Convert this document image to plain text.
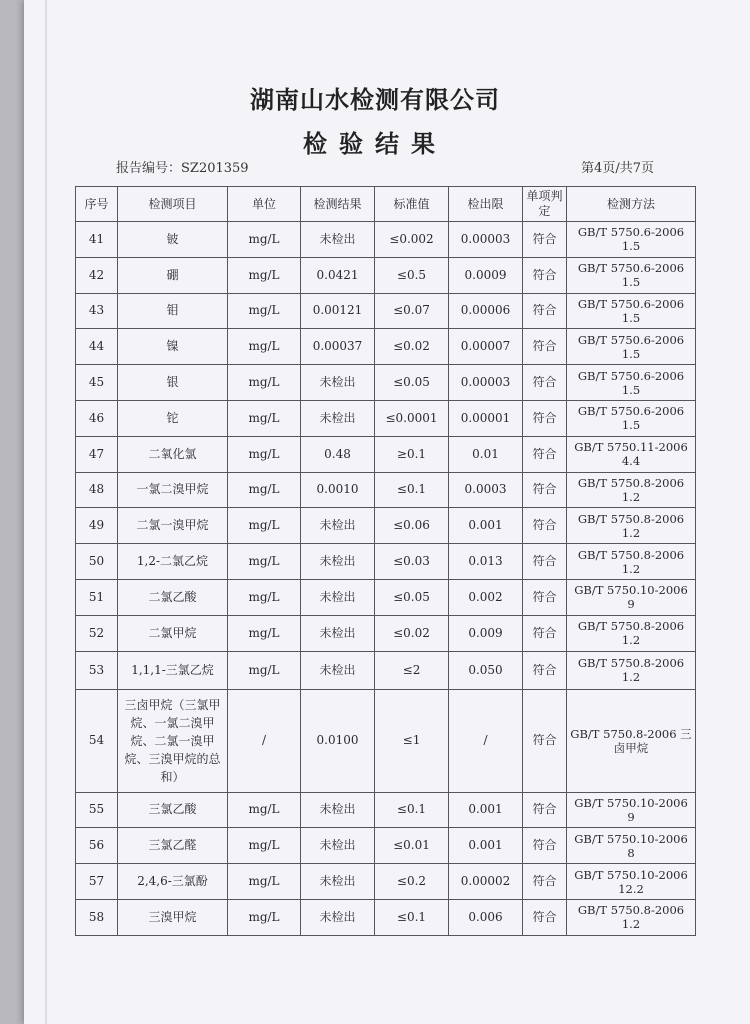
湖南山水检测有限公司
检验结果
报告编号：SZ201359	第4页/共7页
序号	检测项目	单位	检测结果	标准值	检出限	单项判定	检测方法
41	铍	mg/L	未检出	≤0.002	0.00003	符合	GB/T 5750.6-2006 1.5
42	硼	mg/L	0.0421	≤0.5	0.0009	符合	GB/T 5750.6-2006 1.5
43	钼	mg/L	0.00121	≤0.07	0.00006	符合	GB/T 5750.6-2006 1.5
44	镍	mg/L	0.00037	≤0.02	0.00007	符合	GB/T 5750.6-2006 1.5
45	银	mg/L	未检出	≤0.05	0.00003	符合	GB/T 5750.6-2006 1.5
46	铊	mg/L	未检出	≤0.0001	0.00001	符合	GB/T 5750.6-2006 1.5
47	二氧化氯	mg/L	0.48	≥0.1	0.01	符合	GB/T 5750.11-2006 4.4
48	一氯二溴甲烷	mg/L	0.0010	≤0.1	0.0003	符合	GB/T 5750.8-2006 1.2
49	二氯一溴甲烷	mg/L	未检出	≤0.06	0.001	符合	GB/T 5750.8-2006 1.2
50	1,2-二氯乙烷	mg/L	未检出	≤0.03	0.013	符合	GB/T 5750.8-2006 1.2
51	二氯乙酸	mg/L	未检出	≤0.05	0.002	符合	GB/T 5750.10-2006 9
52	二氯甲烷	mg/L	未检出	≤0.02	0.009	符合	GB/T 5750.8-2006 1.2
53	1,1,1-三氯乙烷	mg/L	未检出	≤2	0.050	符合	GB/T 5750.8-2006 1.2
54	三卤甲烷（三氯甲烷、一氯二溴甲烷、二氯一溴甲烷、三溴甲烷的总和）	/	0.0100	≤1	/	符合	GB/T 5750.8-2006 三卤甲烷
55	三氯乙酸	mg/L	未检出	≤0.1	0.001	符合	GB/T 5750.10-2006 9
56	三氯乙醛	mg/L	未检出	≤0.01	0.001	符合	GB/T 5750.10-2006 8
57	2,4,6-三氯酚	mg/L	未检出	≤0.2	0.00002	符合	GB/T 5750.10-2006 12.2
58	三溴甲烷	mg/L	未检出	≤0.1	0.006	符合	GB/T 5750.8-2006 1.2
